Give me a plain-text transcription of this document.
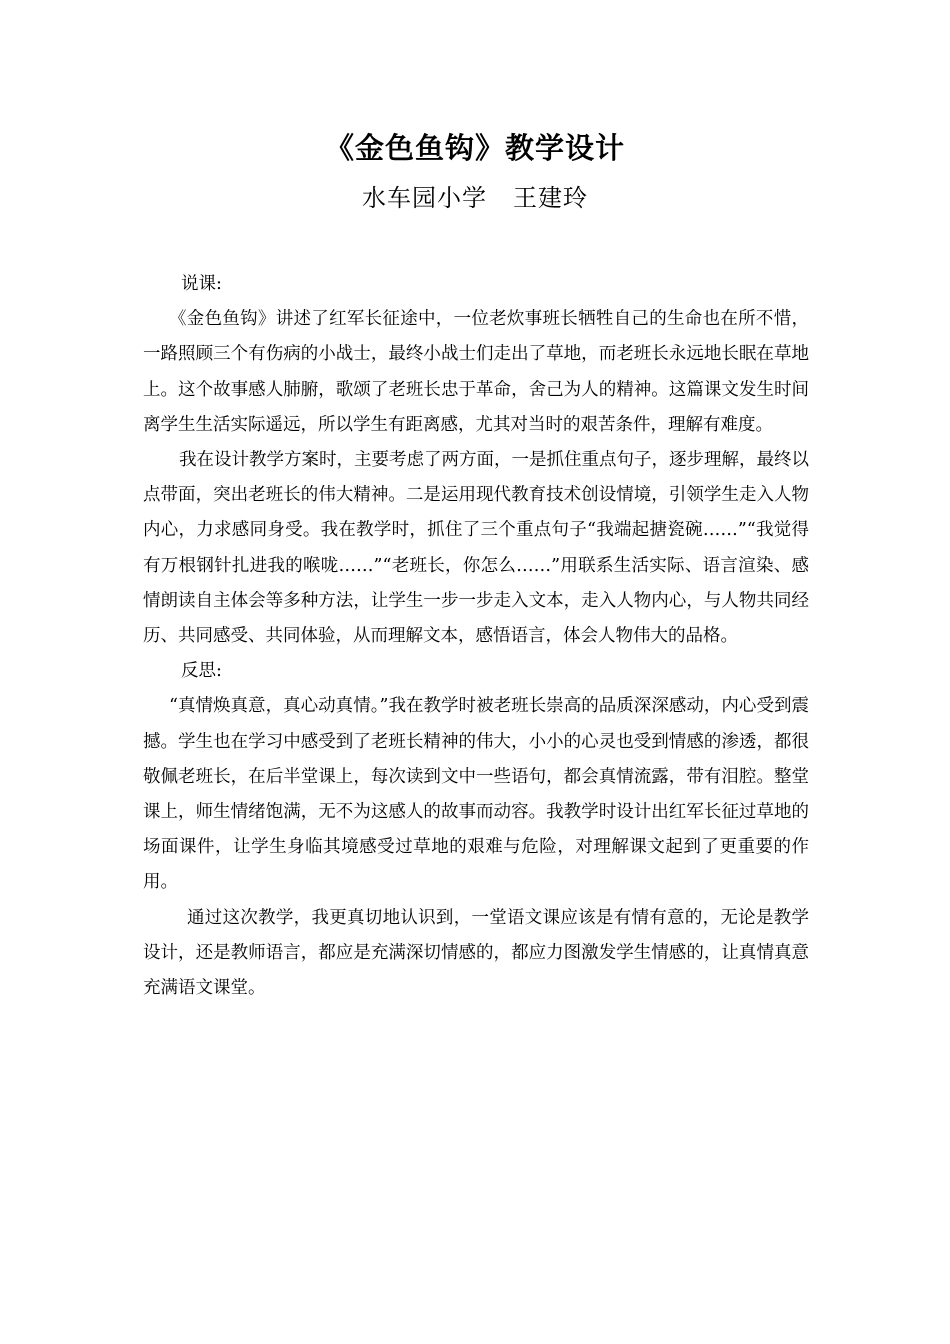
《金色鱼钩》教学设计
水车园小学 王建玲

说课:

《金色鱼钩》讲述了红军长征途中，一位老炊事班长牺牲自己的生命也在所不惜，一路照顾三个有伤病的小战士，最终小战士们走出了草地，而老班长永远地长眠在草地上。这个故事感人肺腑，歌颂了老班长忠于革命，舍己为人的精神。这篇课文发生时间离学生生活实际遥远，所以学生有距离感，尤其对当时的艰苦条件，理解有难度。

我在设计教学方案时，主要考虑了两方面，一是抓住重点句子，逐步理解，最终以点带面，突出老班长的伟大精神。二是运用现代教育技术创设情境，引领学生走入人物内心，力求感同身受。我在教学时，抓住了三个重点句子“我端起搪瓷碗……”“我觉得有万根钢针扎进我的喉咙……”“老班长，你怎么……”用联系生活实际、语言渲染、感情朗读自主体会等多种方法，让学生一步一步走入文本，走入人物内心，与人物共同经历、共同感受、共同体验，从而理解文本，感悟语言，体会人物伟大的品格。

反思:

“真情焕真意，真心动真情。”我在教学时被老班长崇高的品质深深感动，内心受到震撼。学生也在学习中感受到了老班长精神的伟大，小小的心灵也受到情感的渗透，都很敬佩老班长，在后半堂课上，每次读到文中一些语句，都会真情流露，带有泪腔。整堂课上，师生情绪饱满，无不为这感人的故事而动容。我教学时设计出红军长征过草地的场面课件，让学生身临其境感受过草地的艰难与危险，对理解课文起到了更重要的作用。

通过这次教学，我更真切地认识到，一堂语文课应该是有情有意的，无论是教学设计，还是教师语言，都应是充满深切情感的，都应力图激发学生情感的，让真情真意充满语文课堂。
